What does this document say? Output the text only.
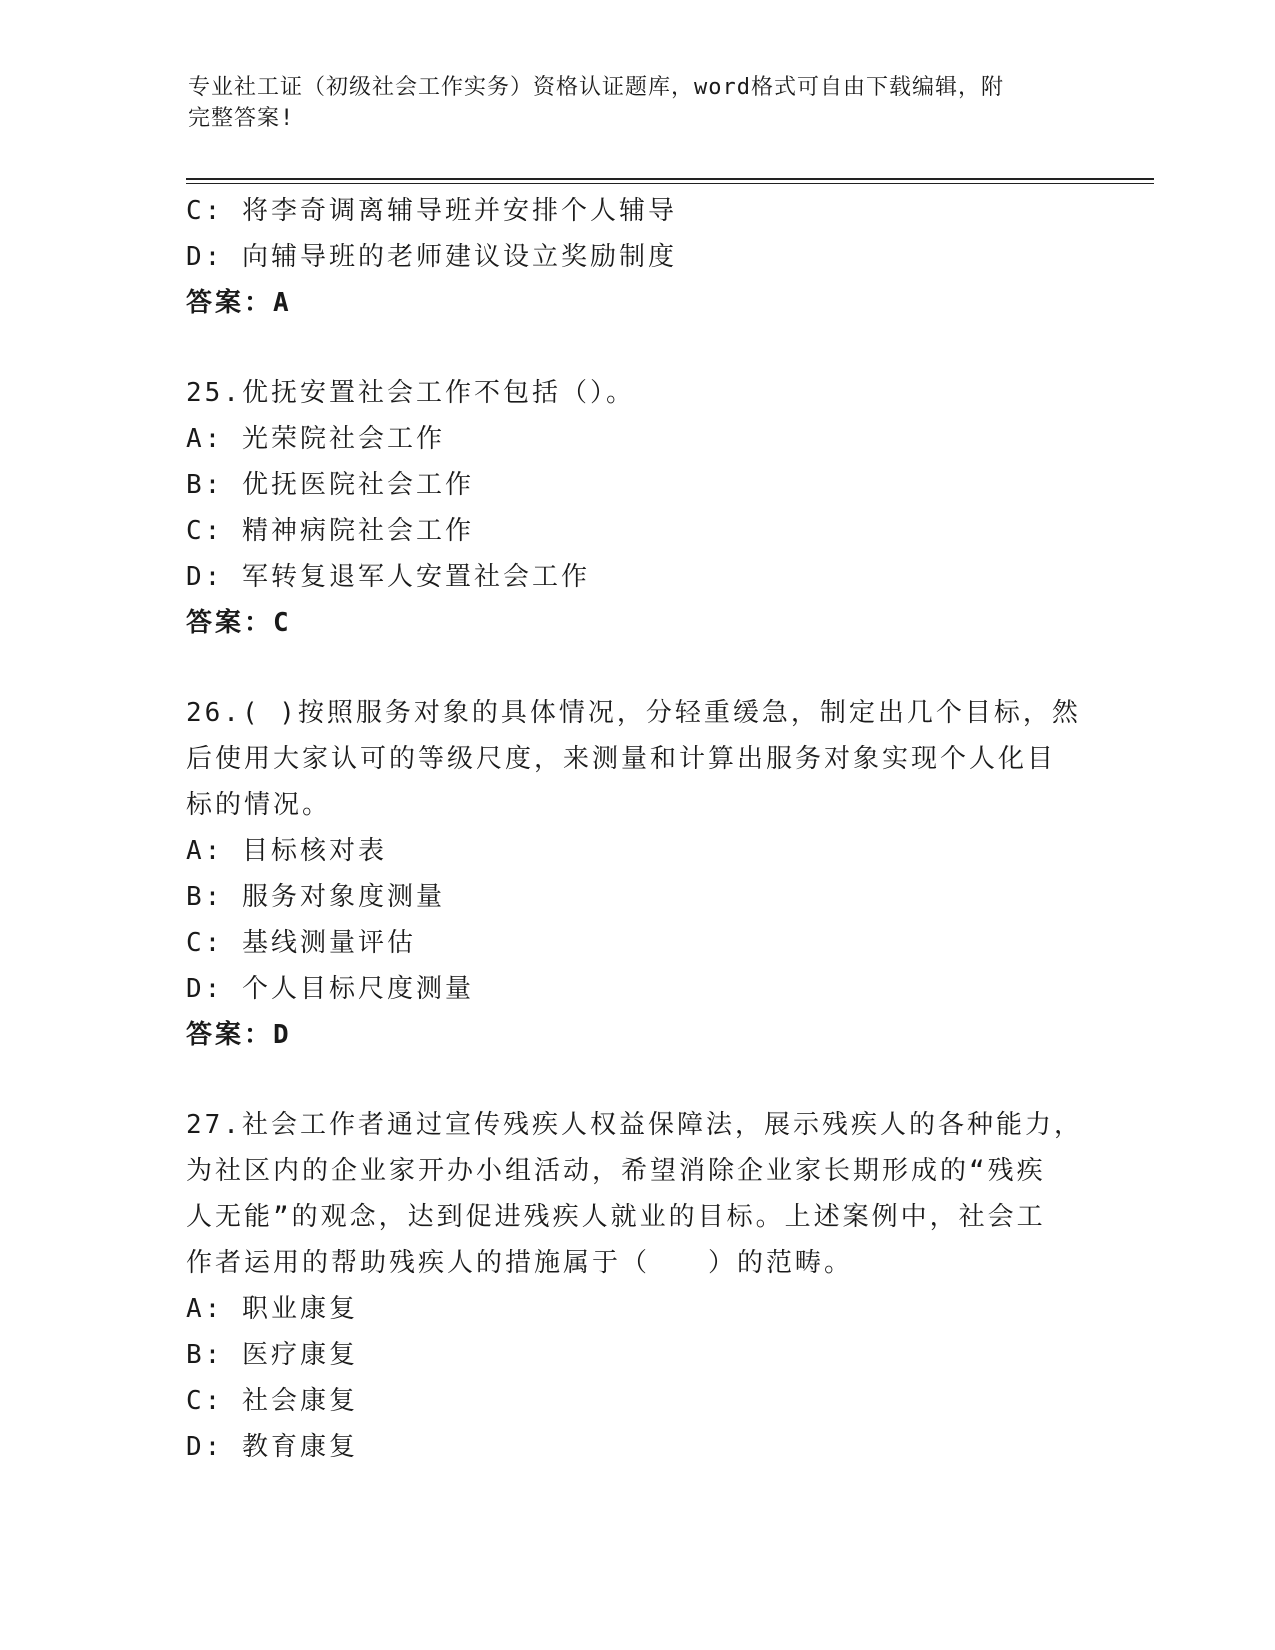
专业社工证（初级社会工作实务）资格认证题库，word格式可自由下载编辑，附
完整答案!
C: 将李奇调离辅导班并安排个人辅导
D: 向辅导班的老师建议设立奖励制度
答案：A
25.优抚安置社会工作不包括（）。
A: 光荣院社会工作
B: 优抚医院社会工作
C: 精神病院社会工作
D: 军转复退军人安置社会工作
答案：C
26.( )按照服务对象的具体情况，分轻重缓急，制定出几个目标，然
后使用大家认可的等级尺度，来测量和计算出服务对象实现个人化目
标的情况。
A: 目标核对表
B: 服务对象度测量
C: 基线测量评估
D: 个人目标尺度测量
答案：D
27.社会工作者通过宣传残疾人权益保障法，展示残疾人的各种能力，
为社区内的企业家开办小组活动，希望消除企业家长期形成的“残疾
人无能”的观念，达到促进残疾人就业的目标。上述案例中，社会工
作者运用的帮助残疾人的措施属于（　　）的范畴。
A: 职业康复
B: 医疗康复
C: 社会康复
D: 教育康复
